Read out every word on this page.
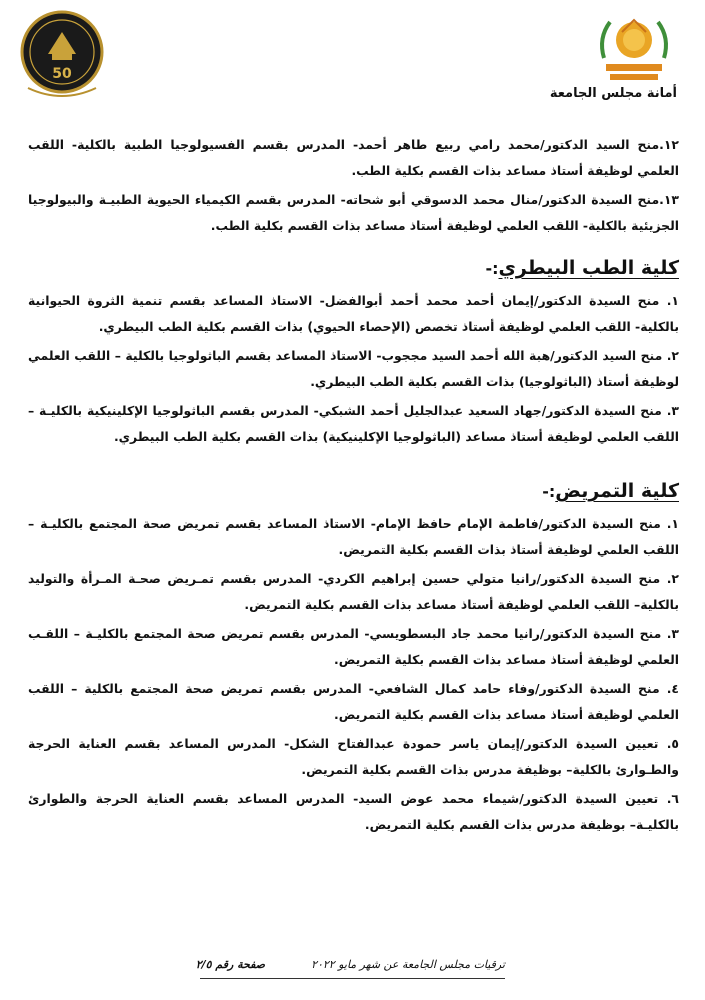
50
أمانة مجلس الجامعة
١٢.منح السيد الدكتور/محمد رامي ربيع طاهر أحمد- المدرس بقسم الفسيولوجيا الطبية بالكلية- اللقب العلمي لوظيفة أستاذ مساعد بذات القسم بكلية الطب.
١٣.منح السيدة الدكتور/منال محمد الدسوقي أبو شحاته- المدرس بقسم الكيمياء الحيوية الطبيـة والبيولوجيا الجزيئية بالكلية- اللقب العلمي لوظيفة أستاذ مساعد بذات القسم بكلية الطب.
كلية الطب البيطري:-
١. منح السيدة الدكتور/إيمان أحمد محمد أحمد أبوالفضل- الاستاذ المساعد بقسم تنمية الثروة الحيوانية بالكلية- اللقب العلمي لوظيفة أستاذ تخصص (الإحصاء الحيوي) بذات القسم بكلية الطب البيطري.
٢. منح السيد الدكتور/هبة الله أحمد السيد مججوب- الاستاذ المساعد بقسم الباثولوجيا بالكلية – اللقب العلمي لوظيفة أستاذ (الباثولوجيا) بذات القسم بكلية الطب البيطري.
٣. منح السيدة الدكتور/جهاد السعيد عبدالجليل أحمد الشبكي- المدرس بقسم الباثولوجيا الإكلينيكية بالكليـة – اللقب العلمي لوظيفة أستاذ مساعد (الباثولوجيا الإكلينيكية) بذات القسم بكلية الطب البيطري.
كلية التمريض:-
١. منح السيدة الدكتور/فاطمة الإمام حافظ الإمام- الاستاذ المساعد بقسم تمريض صحة المجتمع بالكليـة – اللقب العلمي لوظيفة أستاذ بذات القسم بكلية التمريض.
٢. منح السيدة الدكتور/رانيا متولي حسين إبراهيم الكردي- المدرس بقسم تمـريض صحـة المـرأة والتوليد بالكلية– اللقب العلمي لوظيفة أستاذ مساعد بذات القسم بكلية التمريض.
٣. منح السيدة الدكتور/رانيا محمد جاد البسطويسي- المدرس بقسم تمريض صحة المجتمع بالكليـة – اللقـب العلمي لوظيفة أستاذ مساعد بذات القسم بكلية التمريض.
٤. منح السيدة الدكتور/وفاء حامد كمال الشافعي- المدرس بقسم تمريض صحة المجتمع بالكلية – اللقب العلمي لوظيفة أستاذ مساعد بذات القسم بكلية التمريض.
٥. تعيين السيدة الدكتور/إيمان ياسر حمودة عبدالفتاح الشكل- المدرس المساعد بقسم العناية الحرجة والطـوارئ بالكلية– بوظيفة مدرس بذات القسم بكلية التمريض.
٦. تعيين السيدة الدكتور/شيماء محمد عوض السيد- المدرس المساعد بقسم العناية الحرجة والطوارئ بالكليـة– بوظيفة مدرس بذات القسم بكلية التمريض.
ترقيات مجلس الجامعة عن شهر مايو ٢٠٢٢
صفحة رقم ٢/٥
